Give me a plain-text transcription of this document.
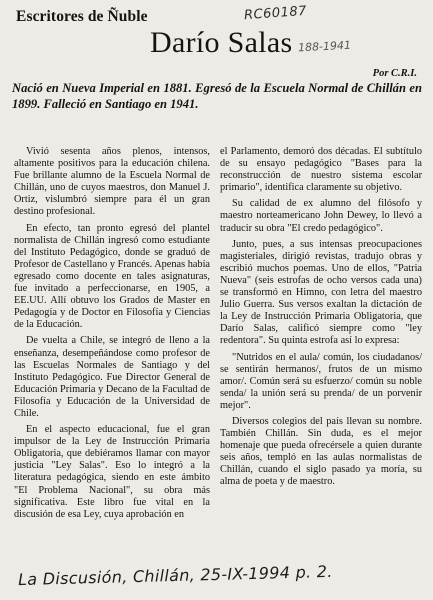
Escritores de Ñuble	RC60187
Darío Salas 188-1941
Por C.R.I.
Nació en Nueva Imperial en 1881. Egresó de la Escuela Normal de Chillán en 1899. Falleció en Santiago en 1941.

Vivió sesenta años plenos, intensos, altamente positivos para la educación chilena. Fue brillante alumno de la Escuela Normal de Chillán, uno de cuyos maestros, don Manuel J. Ortiz, vislumbró siempre para él un gran destino profesional.

En efecto, tan pronto egresó del plantel normalista de Chillán ingresó como estudiante del Instituto Pedagógico, donde se graduó de Profesor de Castellano y Francés. Apenas había egresado como docente en tales asignaturas, fue invitado a perfeccionarse, en 1905, a EE.UU. Allí obtuvo los Grados de Master en Pedagogía y de Doctor en Filosofía y Ciencias de la Educación.

De vuelta a Chile, se integró de lleno a la enseñanza, desempeñándose como profesor de las Escuelas Normales de Santiago y del Instituto Pedagógico. Fue Director General de Educación Primaria y Decano de la Facultad de Filosofía y Educación de la Universidad de Chile.

En el aspecto educacional, fue el gran impulsor de la Ley de Instrucción Primaria Obligatoria, que debiéramos llamar con mayor justicia "Ley Salas". Eso lo integró a la literatura pedagógica, siendo en este ámbito "El Problema Nacional", su obra más significativa. Este libro fue vital en la discusión de esa Ley, cuya aprobación en

el Parlamento, demoró dos décadas. El subtítulo de su ensayo pedagógico "Bases para la reconstrucción de nuestro sistema escolar primario", identifica claramente su objetivo.

Su calidad de ex alumno del filósofo y maestro norteamericano John Dewey, lo llevó a traducir su obra "El credo pedagógico".

Junto, pues, a sus intensas preocupaciones magisteriales, dirigió revistas, tradujo obras y escribió muchos poemas. Uno de ellos, "Patria Nueva" (seis estrofas de ocho versos cada una) se transformó en Himno, con letra del maestro Julio Guerra. Sus versos exaltan la dictación de la Ley de Instrucción Primaria Obligatoria, que Darío Salas, calificó siempre como "ley redentora". Su quinta estrofa así lo expresa:

"Nutridos en el aula/ común, los ciudadanos/ se sentirán hermanos/, frutos de un mismo amor/. Común será su esfuerzo/ común su noble senda/ la unión será su prenda/ de un porvenir mejor".

Diversos colegios del país llevan su nombre. También Chillán. Sin duda, es el mejor homenaje que pueda ofrecérsele a quien durante seis años, templó en las aulas normalistas de Chillán, cuando el siglo pasado ya moría, su alma de poeta y de maestro.

La Discusión, Chillán, 25-IX-1994 p. 2.
